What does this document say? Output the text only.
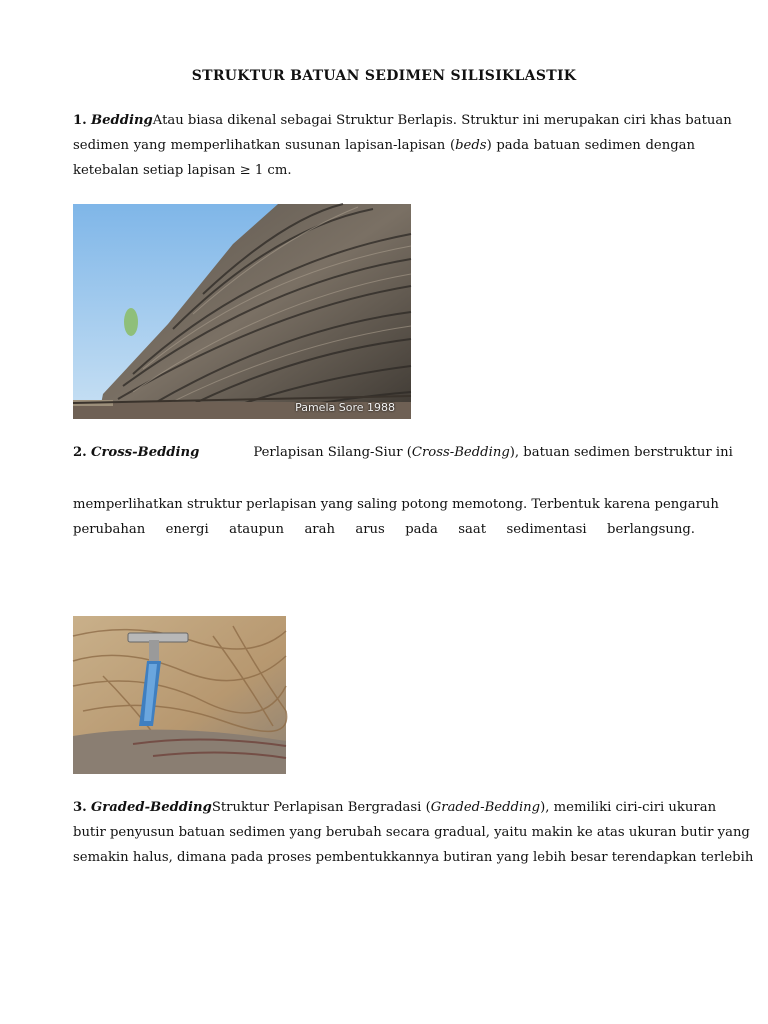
STRUKTUR BATUAN SEDIMEN SILISIKLASTIK
1. BeddingAtau biasa dikenal sebagai Struktur Berlapis. Struktur ini merupakan ciri khas batuan
sedimen yang memperlihatkan susunan lapisan-lapisan (beds) pada batuan sedimen dengan
ketebalan setiap lapisan ≥ 1 cm.
Pamela Sore 1988
2. Cross-Bedding	Perlapisan Silang-Siur (Cross-Bedding), batuan sedimen berstruktur ini
memperlihatkan struktur perlapisan yang saling potong memotong. Terbentuk karena pengaruh
perubahan energi ataupun arah arus pada saat sedimentasi berlangsung.
3. Graded-BeddingStruktur Perlapisan Bergradasi (Graded-Bedding), memiliki ciri-ciri ukuran
butir penyusun batuan sedimen yang berubah secara gradual, yaitu makin ke atas ukuran butir yang
semakin halus, dimana pada proses pembentukkannya butiran yang lebih besar terendapkan terlebih
